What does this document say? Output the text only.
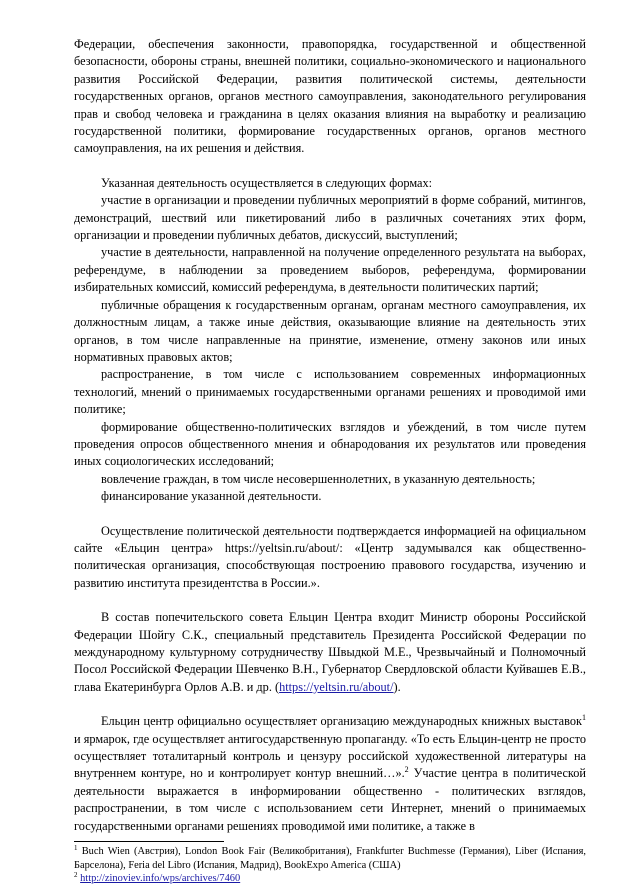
Федерации, обеспечения законности, правопорядка, государственной и общественной безопасности, обороны страны, внешней политики, социально-экономического и национального развития Российской Федерации, развития политической системы, деятельности государственных органов, органов местного самоуправления, законодательного регулирования прав и свобод человека и гражданина в целях оказания влияния на выработку и реализацию государственной политики, формирование государственных органов, органов местного самоуправления, на их решения и действия.

Указанная деятельность осуществляется в следующих формах:

участие в организации и проведении публичных мероприятий в форме собраний, митингов, демонстраций, шествий или пикетирований либо в различных сочетаниях этих форм, организации и проведении публичных дебатов, дискуссий, выступлений;

участие в деятельности, направленной на получение определенного результата на выборах, референдуме, в наблюдении за проведением выборов, референдума, формировании избирательных комиссий, комиссий референдума, в деятельности политических партий;

публичные обращения к государственным органам, органам местного самоуправления, их должностным лицам, а также иные действия, оказывающие влияние на деятельность этих органов, в том числе направленные на принятие, изменение, отмену законов или иных нормативных правовых актов;

распространение, в том числе с использованием современных информационных технологий, мнений о принимаемых государственными органами решениях и проводимой ими политике;

формирование общественно-политических взглядов и убеждений, в том числе путем проведения опросов общественного мнения и обнародования их результатов или проведения иных социологических исследований;

вовлечение граждан, в том числе несовершеннолетних, в указанную деятельность;

финансирование указанной деятельности.

Осуществление политической деятельности подтверждается информацией на официальном сайте «Ельцин центра» https://yeltsin.ru/about/: «Центр задумывался как общественно-политическая организация, способствующая построению правового государства, изучению и развитию института президентства в России.».

В состав попечительского совета Ельцин Центра входит Министр обороны Российской Федерации Шойгу С.К., специальный представитель Президента Российской Федерации по международному культурному сотрудничеству Швыдкой М.Е., Чрезвычайный и Полномочный Посол Российской Федерации Шевченко В.Н., Губернатор Свердловской области Куйвашев Е.В., глава Екатеринбурга Орлов А.В. и др. (https://yeltsin.ru/about/).

Ельцин центр официально осуществляет организацию международных книжных выставок$^1$ и ярмарок, где осуществляет антигосударственную пропаганду. «То есть Ельцин-центр не просто осуществляет тоталитарный контроль и цензуру российской художественной литературы на внутреннем контуре, но и контролирует контур внешний…».$^2$ Участие центра в политической деятельности выражается в информировании общественно - политических взглядов, распространении, в том числе с использованием сети Интернет, мнений о принимаемых государственными органами решениях проводимой ими политике, а также в

$^1$ Buch Wien (Австрия), London Book Fair (Великобритания), Frankfurter Buchmesse (Германия), Liber (Испания, Барселона), Feria del Libro (Испания, Мадрид), BookExpo America (США)

$^2$ http://zinoviev.info/wps/archives/7460
